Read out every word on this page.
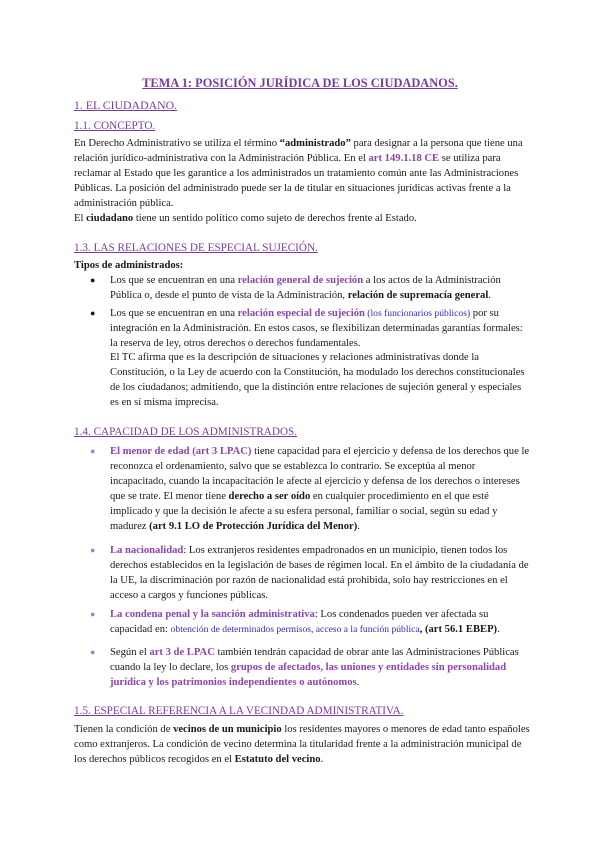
TEMA 1: POSICIÓN JURÍDICA DE LOS CIUDADANOS.
1. EL CIUDADANO.
1.1. CONCEPTO.
En Derecho Administrativo se utiliza el término “administrado” para designar a la persona que tiene una relación jurídico-administrativa con la Administración Pública. En el art 149.1.18 CE se utiliza para reclamar al Estado que les garantice a los administrados un tratamiento común ante las Administraciones Públicas. La posición del administrado puede ser la de titular en situaciones jurídicas activas frente a la administración pública.
El ciudadano tiene un sentido político como sujeto de derechos frente al Estado.
1.3. LAS RELACIONES DE ESPECIAL SUJECIÓN.
Tipos de administrados:
● Los que se encuentran en una relación general de sujeción a los actos de la Administración Pública o, desde el punto de vista de la Administración, relación de supremacía general.
● Los que se encuentran en una relación especial de sujeción (los funcionarios públicos) por su integración en la Administración. En estos casos, se flexibilizan determinadas garantías formales: la reserva de ley, otros derechos o derechos fundamentales.
El TC afirma que es la descripción de situaciones y relaciones administrativas donde la Constitución, o la Ley de acuerdo con la Constitución, ha modulado los derechos constitucionales de los ciudadanos; admitiendo, que la distinción entre relaciones de sujeción general y especiales es en sí misma imprecisa.
1.4. CAPACIDAD DE LOS ADMINISTRADOS.
● El menor de edad (art 3 LPAC) tiene capacidad para el ejercicio y defensa de los derechos que le reconozca el ordenamiento, salvo que se establezca lo contrario. Se exceptúa al menor incapacitado, cuando la incapacitación le afecte al ejercicio y defensa de los derechos o intereses que se trate. El menor tiene derecho a ser oído en cualquier procedimiento en el que esté implicado y que la decisión le afecte a su esfera personal, familiar o social, según su edad y madurez (art 9.1 LO de Protección Jurídica del Menor).
● La nacionalidad: Los extranjeros residentes empadronados en un municipio, tienen todos los derechos establecidos en la legislación de bases de régimen local. En el ámbito de la ciudadanía de la UE, la discriminación por razón de nacionalidad está prohibida, solo hay restricciones en el acceso a cargos y funciones públicas.
● La condena penal y la sanción administrativa: Los condenados pueden ver afectada su capacidad en: obtención de determinados permisos, acceso a la función pública, (art 56.1 EBEP).
● Según el art 3 de LPAC también tendrán capacidad de obrar ante las Administraciones Públicas cuando la ley lo declare, los grupos de afectados, las uniones y entidades sin personalidad jurídica y los patrimonios independientes o autónomos.
1.5. ESPECIAL REFERENCIA A LA VECINDAD ADMINISTRATIVA.
Tienen la condición de vecinos de un municipio los residentes mayores o menores de edad tanto españoles como extranjeros. La condición de vecino determina la titularidad frente a la administración municipal de los derechos públicos recogidos en el Estatuto del vecino.
